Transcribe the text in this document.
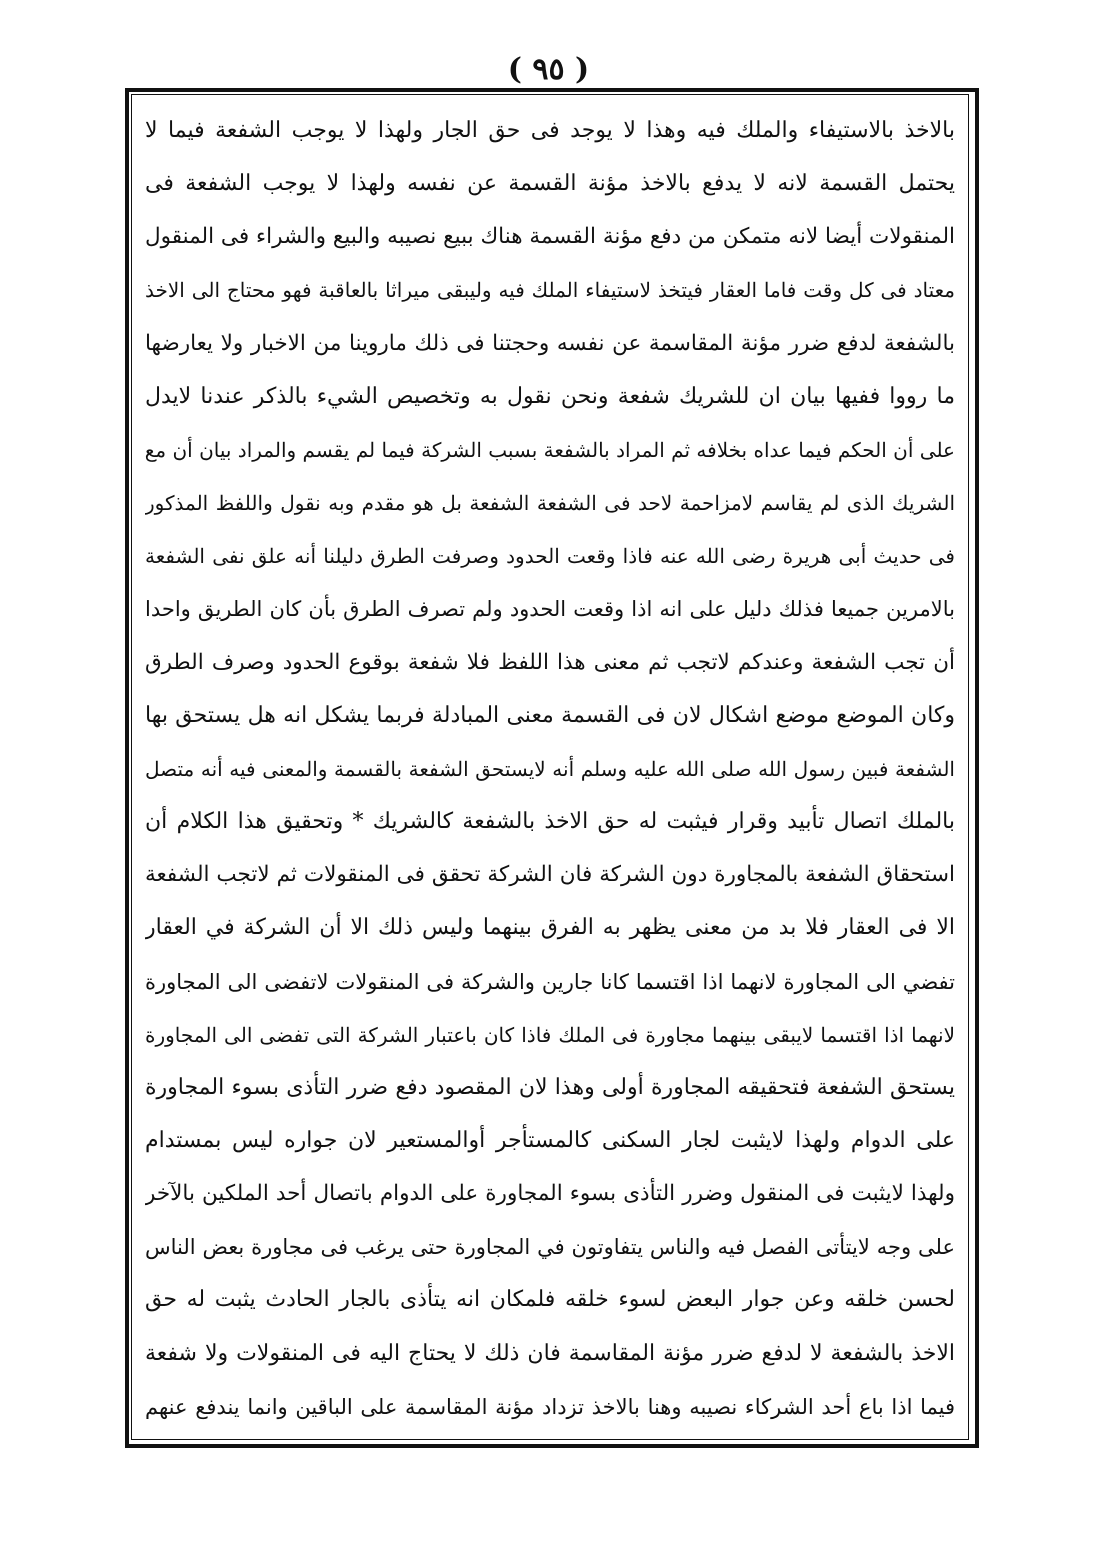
( ٩٥ )
بالاخذ بالاستيفاء والملك فيه وهذا لا يوجد فى حق الجار ولهذا لا يوجب الشفعة فيما لا
يحتمل القسمة لانه لا يدفع بالاخذ مؤنة القسمة عن نفسه ولهذا لا يوجب الشفعة فى
المنقولات أيضا لانه متمكن من دفع مؤنة القسمة هناك ببيع نصيبه والبيع والشراء فى المنقول
معتاد فى كل وقت فاما العقار فيتخذ لاستيفاء الملك فيه وليبقى ميراثا بالعاقبة فهو محتاج الى الاخذ
بالشفعة لدفع ضرر مؤنة المقاسمة عن نفسه وحجتنا فى ذلك ماروينا من الاخبار ولا يعارضها
ما رووا ففيها بيان ان للشريك شفعة ونحن نقول به وتخصيص الشيء بالذكر عندنا لايدل
على أن الحكم فيما عداه بخلافه ثم المراد بالشفعة بسبب الشركة فيما لم يقسم والمراد بيان أن مع
الشريك الذى لم يقاسم لامزاحمة لاحد فى الشفعة الشفعة بل هو مقدم وبه نقول واللفظ المذكور
فى حديث أبى هريرة رضى الله عنه فاذا وقعت الحدود وصرفت الطرق دليلنا أنه علق نفى الشفعة
بالامرين جميعا فذلك دليل على انه اذا وقعت الحدود ولم تصرف الطرق بأن كان الطريق واحدا
أن تجب الشفعة وعندكم لاتجب ثم معنى هذا اللفظ فلا شفعة بوقوع الحدود وصرف الطرق
وكان الموضع موضع اشكال لان فى القسمة معنى المبادلة فربما يشكل انه هل يستحق بها
الشفعة فبين رسول الله صلى الله عليه وسلم أنه لايستحق الشفعة بالقسمة والمعنى فيه أنه متصل
بالملك اتصال تأبيد وقرار فيثبت له حق الاخذ بالشفعة كالشريك * وتحقيق هذا الكلام أن
استحقاق الشفعة بالمجاورة دون الشركة فان الشركة تحقق فى المنقولات ثم لاتجب الشفعة
الا فى العقار فلا بد من معنى يظهر به الفرق بينهما وليس ذلك الا أن الشركة في العقار
تفضي الى المجاورة لانهما اذا اقتسما كانا جارين والشركة فى المنقولات لاتفضى الى المجاورة
لانهما اذا اقتسما لايبقى بينهما مجاورة فى الملك فاذا كان باعتبار الشركة التى تفضى الى المجاورة
يستحق الشفعة فتحقيقه المجاورة أولى وهذا لان المقصود دفع ضرر التأذى بسوء المجاورة
على الدوام ولهذا لايثبت لجار السكنى كالمستأجر أوالمستعير لان جواره ليس بمستدام
ولهذا لايثبت فى المنقول وضرر التأذى بسوء المجاورة على الدوام باتصال أحد الملكين بالآخر
على وجه لايتأتى الفصل فيه والناس يتفاوتون في المجاورة حتى يرغب فى مجاورة بعض الناس
لحسن خلقه وعن جوار البعض لسوء خلقه فلمكان انه يتأذى بالجار الحادث يثبت له حق
الاخذ بالشفعة لا لدفع ضرر مؤنة المقاسمة فان ذلك لا يحتاج اليه فى المنقولات ولا شفعة
فيما اذا باع أحد الشركاء نصيبه وهنا بالاخذ تزداد مؤنة المقاسمة على الباقين وانما يندفع عنهم
